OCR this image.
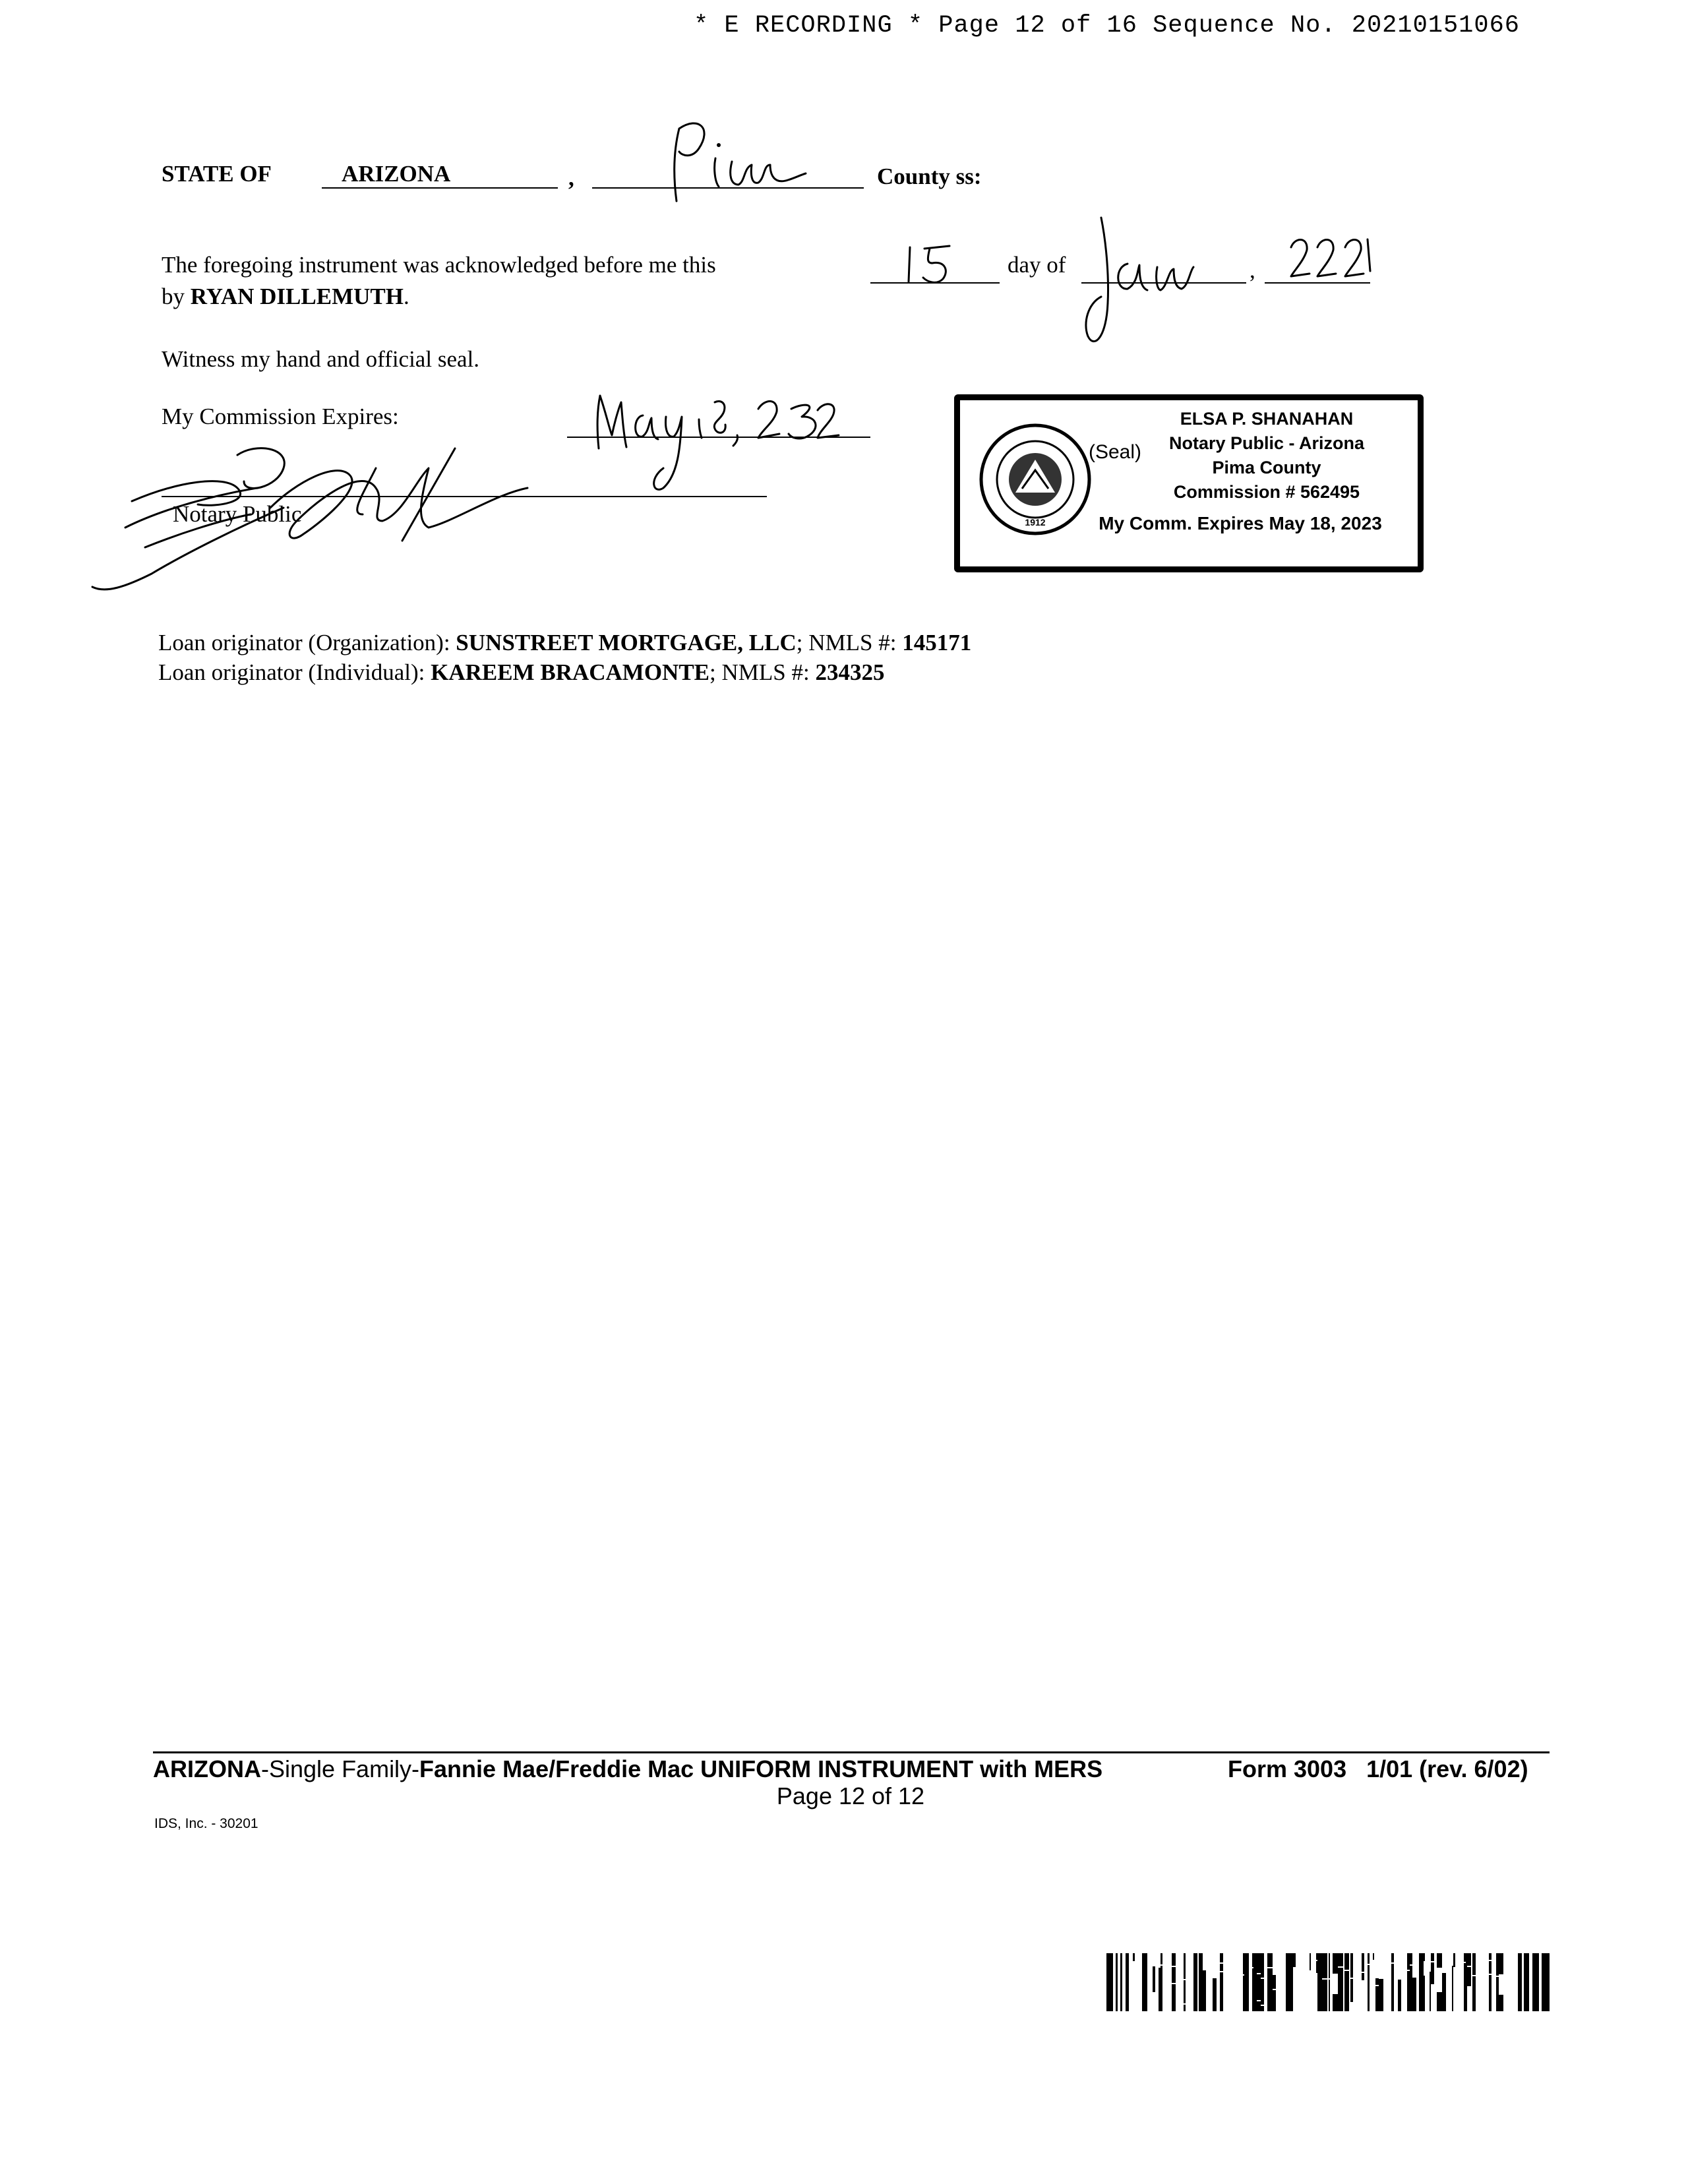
* E RECORDING * Page 12 of 16 Sequence No. 20210151066
STATE OF	ARIZONA	,	County ss:
The foregoing instrument was acknowledged before me this	day of	,
by RYAN DILLEMUTH.
Witness my hand and official seal.
My Commission Expires:
Notary Public	1912
(Seal)
ELSA P. SHANAHAN
Notary Public - Arizona
Pima County
Commission # 562495
My Comm. Expires May 18, 2023
Loan originator (Organization): SUNSTREET MORTGAGE, LLC; NMLS #: 145171
Loan originator (Individual): KAREEM BRACAMONTE; NMLS #: 234325
ARIZONA-Single Family-Fannie Mae/Freddie Mac UNIFORM INSTRUMENT with MERS	Form 3003   1/01 (rev. 6/02)
Page 12 of 12
IDS, Inc. - 30201
